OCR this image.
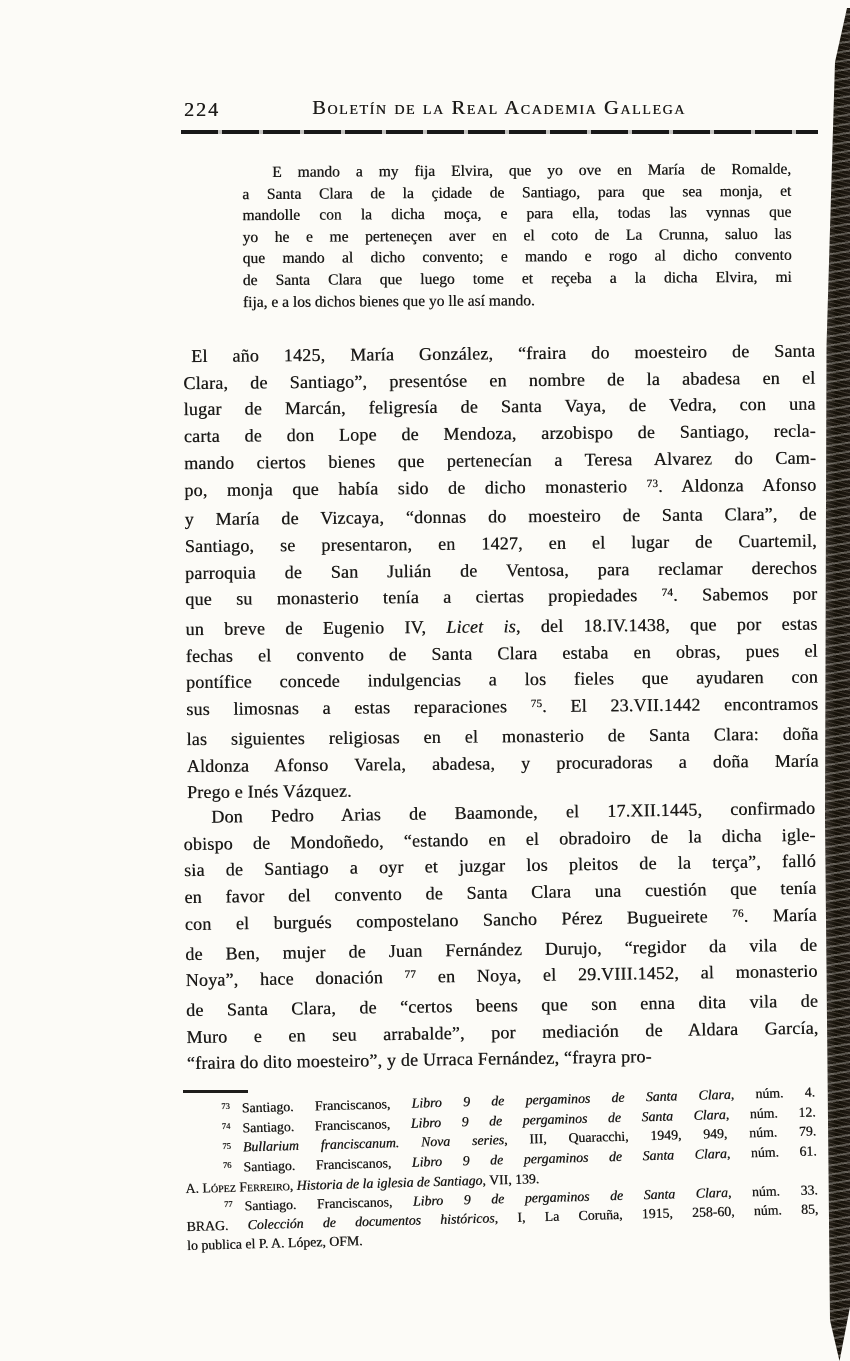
224	Boletín de la Real Academia Gallega
E mando a my fija Elvira, que yo ove en María de Romalde,
a Santa Clara de la çidade de Santiago, para que sea monja, et
mandolle con la dicha moça, e para ella, todas las vynnas que
yo he e me perteneçen aver en el coto de La Crunna, saluo las
que mando al dicho convento; e mando e rogo al dicho convento
de Santa Clara que luego tome et reçeba a la dicha Elvira, mi
fija, e a los dichos bienes que yo lle así mando.
El año 1425, María González, “fraira do moesteiro de Santa
Clara, de Santiago”, presentóse en nombre de la abadesa en el
lugar de Marcán, feligresía de Santa Vaya, de Vedra, con una
carta de don Lope de Mendoza, arzobispo de Santiago, recla-
mando ciertos bienes que pertenecían a Teresa Alvarez do Cam-
po, monja que había sido de dicho monasterio $^{73}$. Aldonza Afonso
y María de Vizcaya, “donnas do moesteiro de Santa Clara”, de
Santiago, se presentaron, en 1427, en el lugar de Cuartemil,
parroquia de San Julián de Ventosa, para reclamar derechos
que su monasterio tenía a ciertas propiedades $^{74}$. Sabemos por
un breve de Eugenio IV, Licet is, del 18.IV.1438, que por estas
fechas el convento de Santa Clara estaba en obras, pues el
pontífice concede indulgencias a los fieles que ayudaren con
sus limosnas a estas reparaciones $^{75}$. El 23.VII.1442 encontramos
las siguientes religiosas en el monasterio de Santa Clara: doña
Aldonza Afonso Varela, abadesa, y procuradoras a doña María
Prego e Inés Vázquez.
Don Pedro Arias de Baamonde, el 17.XII.1445, confirmado
obispo de Mondoñedo, “estando en el obradoiro de la dicha igle-
sia de Santiago a oyr et juzgar los pleitos de la terça”, falló
en favor del convento de Santa Clara una cuestión que tenía
con el burgués compostelano Sancho Pérez Bugueirete $^{76}$. María
de Ben, mujer de Juan Fernández Durujo, “regidor da vila de
Noya”, hace donación $^{77}$ en Noya, el 29.VIII.1452, al monasterio
de Santa Clara, de “certos beens que son enna dita vila de
Muro e en seu arrabalde”, por mediación de Aldara García,
“fraira do dito moesteiro”, y de Urraca Fernández, “frayra pro-
$^{73}$ Santiago. Franciscanos, Libro 9 de pergaminos de Santa Clara, núm. 4.
$^{74}$ Santiago. Franciscanos, Libro 9 de pergaminos de Santa Clara, núm. 12.
$^{75}$ Bullarium franciscanum. Nova series, III, Quaracchi, 1949, 949, núm. 79.
$^{76}$ Santiago. Franciscanos, Libro 9 de pergaminos de Santa Clara, núm. 61.
A. López Ferreiro, Historia de la iglesia de Santiago, VII, 139.
$^{77}$ Santiago. Franciscanos, Libro 9 de pergaminos de Santa Clara, núm. 33.
BRAG. Colección de documentos históricos, I, La Coruña, 1915, 258-60, núm. 85,
lo publica el P. A. López, OFM.
